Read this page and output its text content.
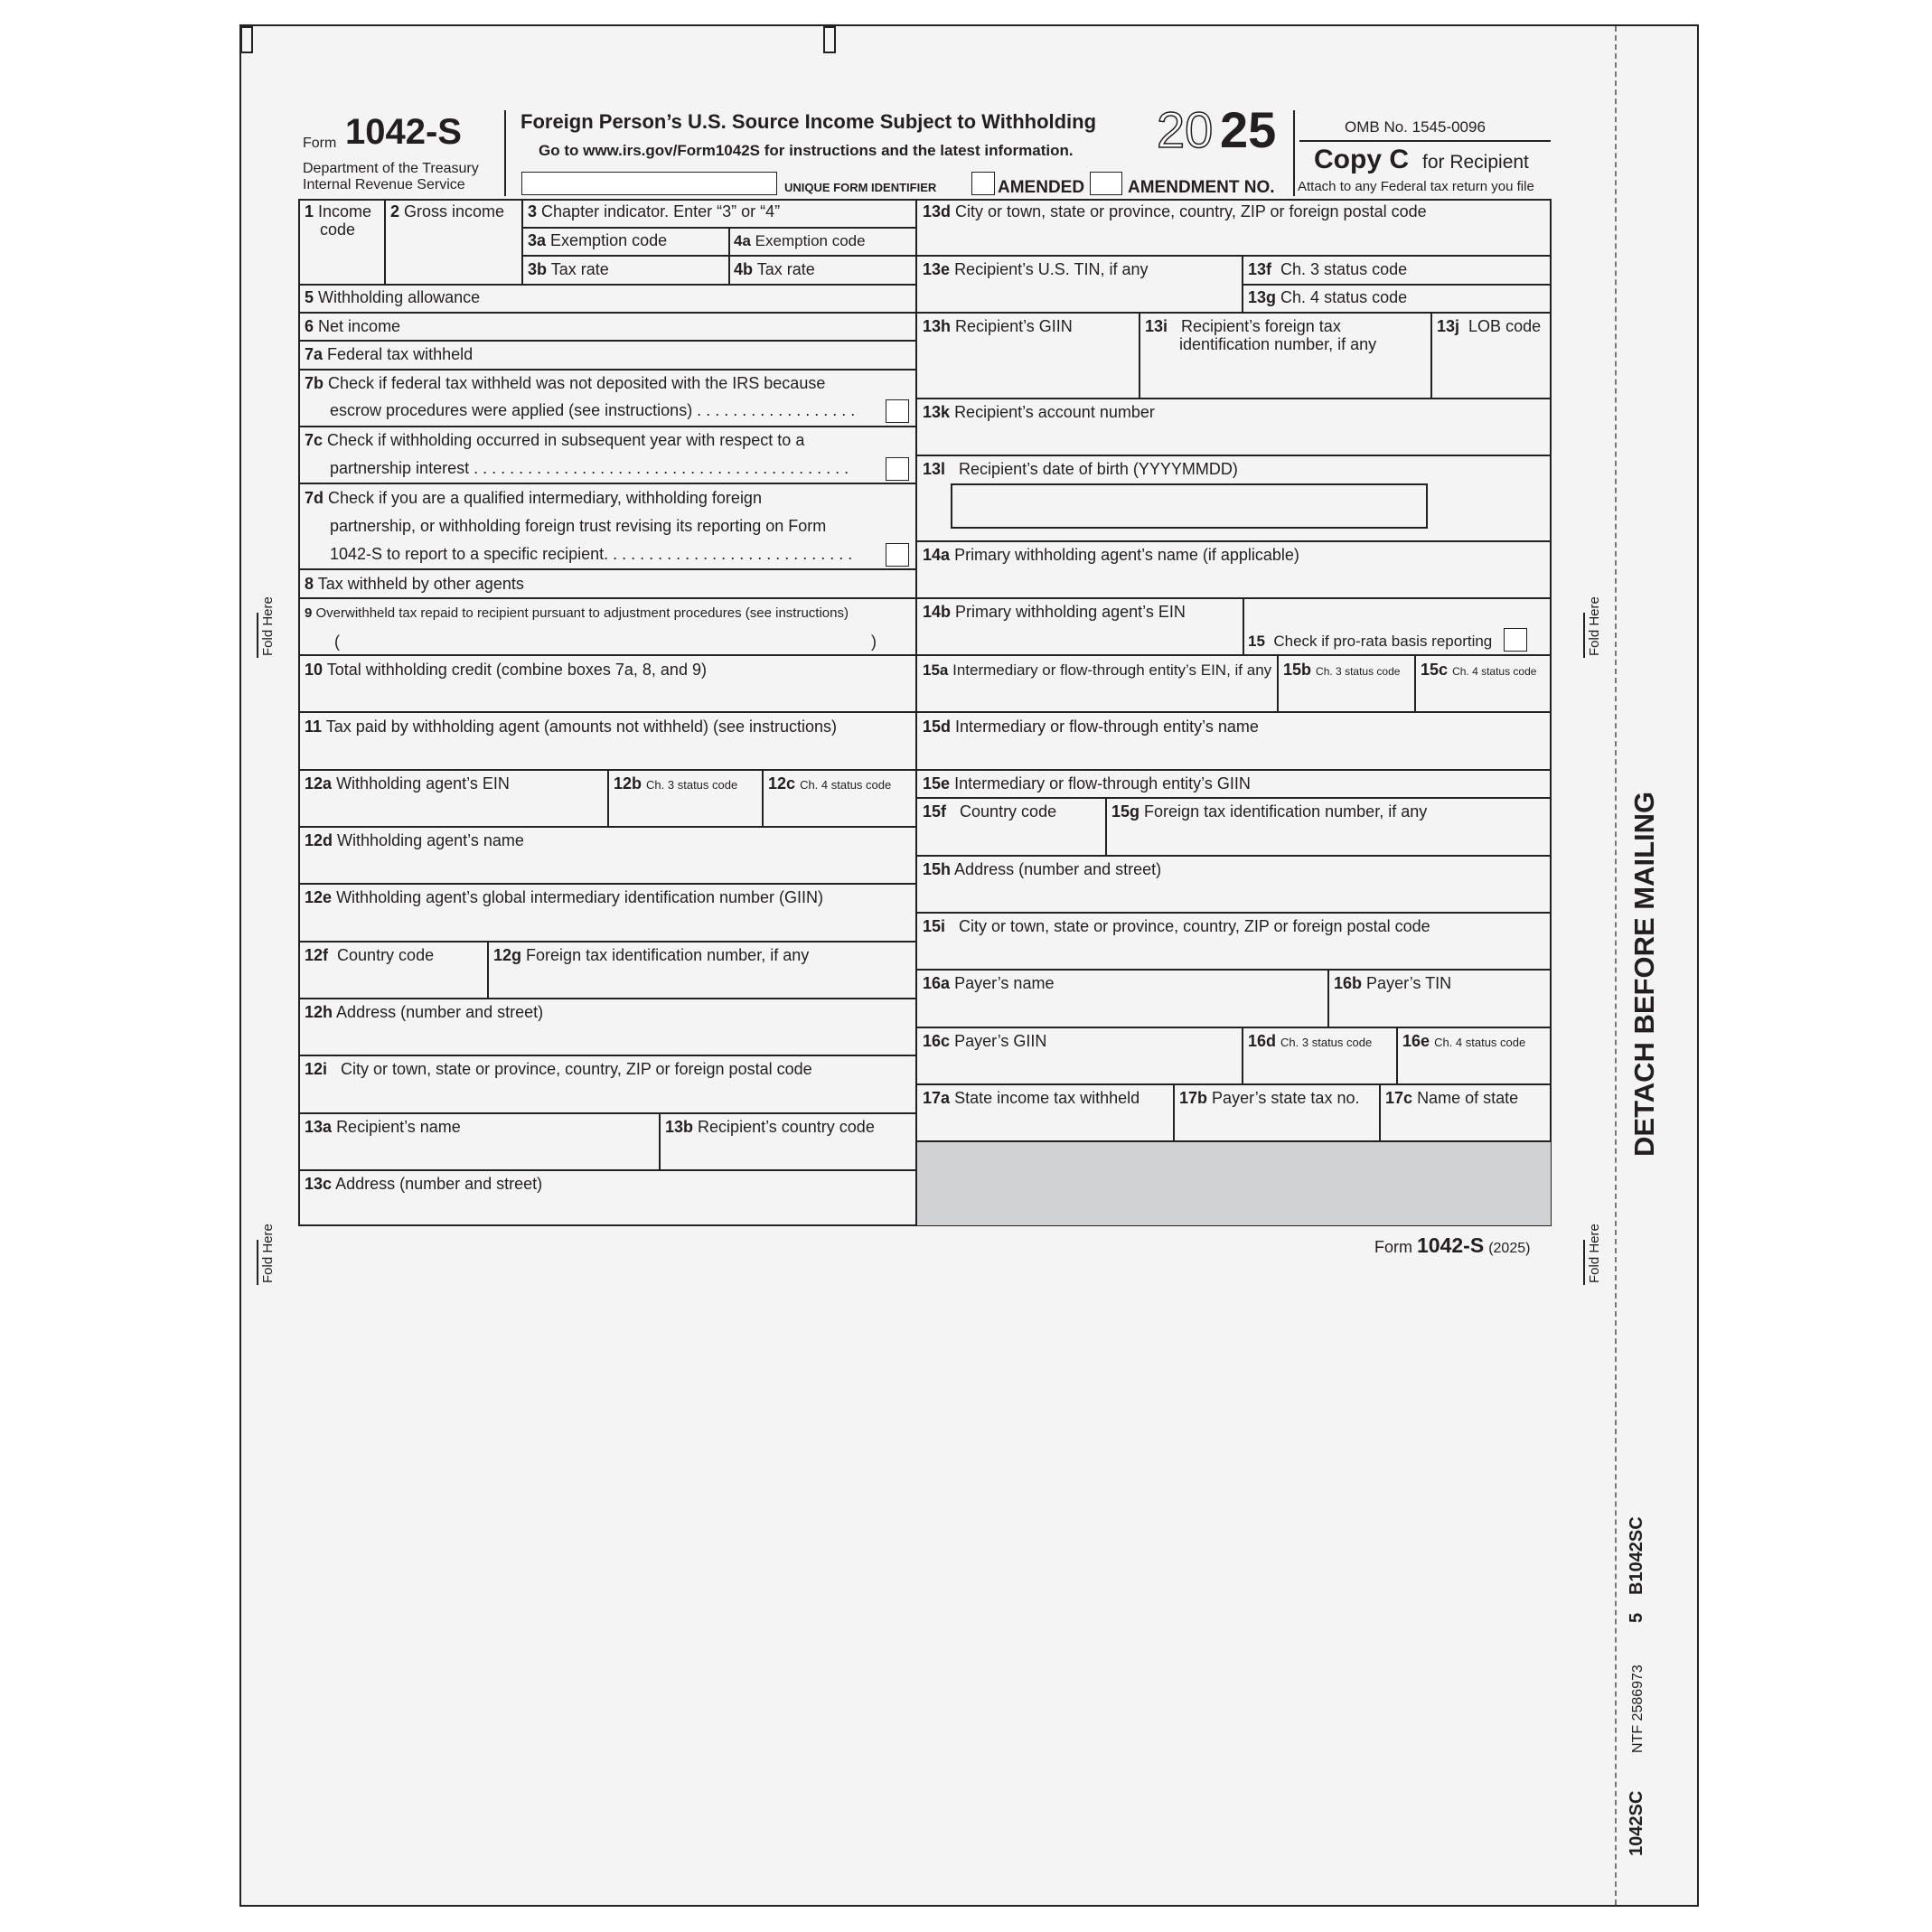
Fold Here
Fold Here
Fold Here
Fold Here
DETACH BEFORE MAILING
B1042SC
5
NTF 2586973
1042SC
Form 1042-S
Department of the Treasury
Internal Revenue Service
Foreign Person’s U.S. Source Income Subject to Withholding
Go to www.irs.gov/Form1042S for instructions and the latest information. 20 25	OMB No. 1545-0096
Copy C for Recipient
Attach to any Federal tax return you file
UNIQUE FORM IDENTIFIER	AMENDED	AMENDMENT NO.
1 Income
code
2 Gross income 3 Chapter indicator. Enter “3” or “4”
3a Exemption code	4a Exemption code
3b Tax rate	4b Tax rate
5 Withholding allowance
6 Net income
7a Federal tax withheld
7b Check if federal tax withheld was not deposited with the IRS because
escrow procedures were applied (see instructions) . . . . . . . . . . . . . . . . . .
7c Check if withholding occurred in subsequent year with respect to a
partnership interest . . . . . . . . . . . . . . . . . . . . . . . . . . . . . . . . . . . . . . . . . .
7d Check if you are a qualified intermediary, withholding foreign
partnership, or withholding foreign trust revising its reporting on Form
1042-S to report to a specific recipient. . . . . . . . . . . . . . . . . . . . . . . . . . . .
8 Tax withheld by other agents
9 Overwithheld tax repaid to recipient pursuant to adjustment procedures (see instructions)
(	)
10 Total withholding credit (combine boxes 7a, 8, and 9)
11 Tax paid by withholding agent (amounts not withheld) (see instructions)
12a Withholding agent’s EIN	12b Ch. 3 status code 12c Ch. 4 status code
12d Withholding agent’s name
12e Withholding agent’s global intermediary identification number (GIIN)
12f Country code	12g Foreign tax identification number, if any
12h Address (number and street)
12i City or town, state or province, country, ZIP or foreign postal code
13a Recipient’s name	13b Recipient’s country code
13c Address (number and street)
13d City or town, state or province, country, ZIP or foreign postal code
13e Recipient’s U.S. TIN, if any	13f Ch. 3 status code
13g Ch. 4 status code
13h Recipient’s GIIN	13i Recipient’s foreign tax
identification number, if any
13j LOB code
13k Recipient’s account number
13l Recipient’s date of birth (YYYYMMDD)
14a Primary withholding agent’s name (if applicable)
14b Primary withholding agent’s EIN
15 Check if pro-rata basis reporting
15a Intermediary or flow-through entity’s EIN, if any 15b Ch. 3 status code 15c Ch. 4 status code
15d Intermediary or flow-through entity’s name
15e Intermediary or flow-through entity’s GIIN
15f Country code	15g Foreign tax identification number, if any
15h Address (number and street)
15i City or town, state or province, country, ZIP or foreign postal code
16a Payer’s name	16b Payer’s TIN
16c Payer’s GIIN	16d Ch. 3 status code 16e Ch. 4 status code
17a State income tax withheld 17b Payer’s state tax no. 17c Name of state
Form 1042-S (2025)
